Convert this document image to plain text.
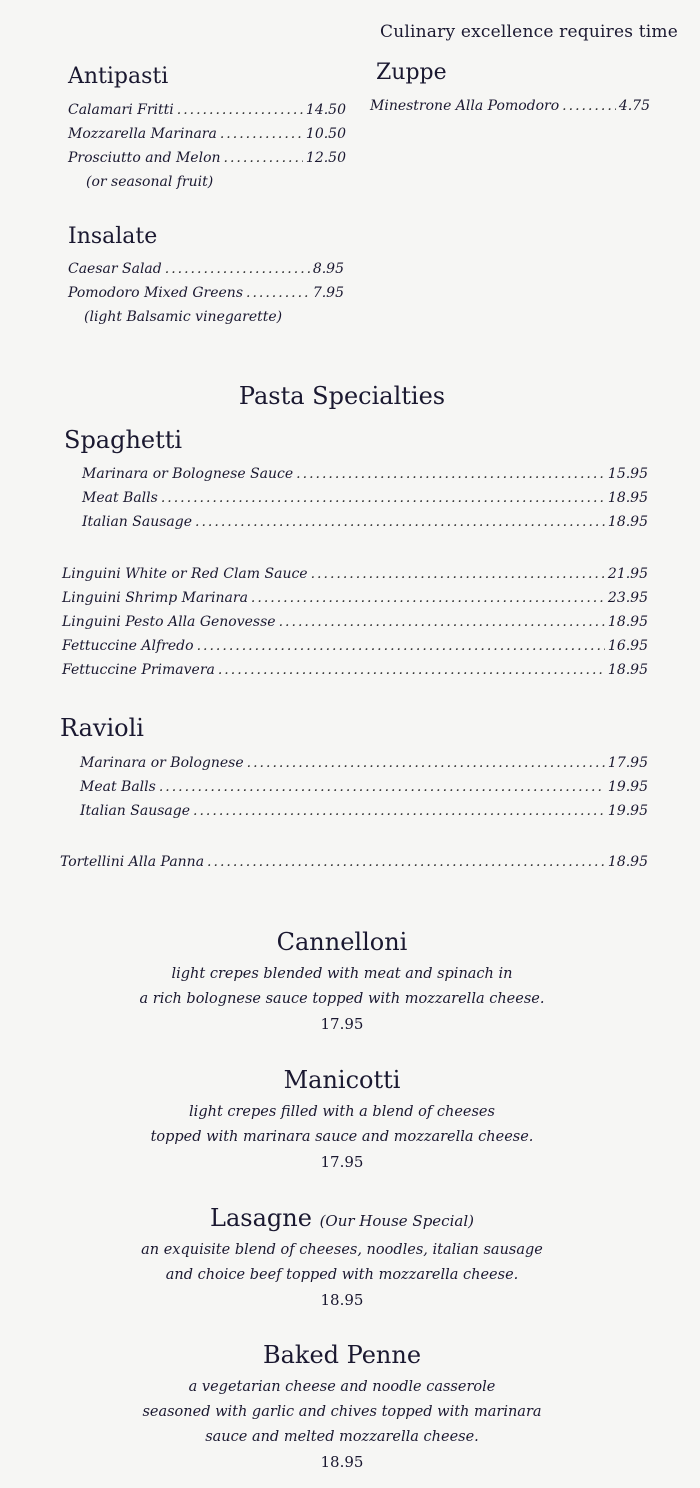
Culinary excellence requires time
Antipasti
Calamari Fritti .....	14.50
Mozzarella Marinara .....	10.50
Prosciutto and Melon .....	12.50
(or seasonal fruit)
Zuppe
Minestrone Alla Pomodoro .....	4.75
Insalate
Caesar Salad .....	8.95
Pomodoro Mixed Greens .....	7.95
(light Balsamic vinegarette)
Pasta Specialties
Spaghetti
Marinara or Bolognese Sauce .....	15.95
Meat Balls .....	18.95
Italian Sausage .....	18.95
Linguini White or Red Clam Sauce .....	21.95
Linguini Shrimp Marinara .....	23.95
Linguini Pesto Alla Genovesse .....	18.95
Fettuccine Alfredo .....	16.95
Fettuccine Primavera .....	18.95
Ravioli
Marinara or Bolognese .....	17.95
Meat Balls .....	19.95
Italian Sausage .....	19.95
Tortellini Alla Panna .....	18.95
Cannelloni
light crepes blended with meat and spinach in
a rich bolognese sauce topped with mozzarella cheese.
17.95
Manicotti
light crepes filled with a blend of cheeses
topped with marinara sauce and mozzarella cheese.
17.95
Lasagne (Our House Special)
an exquisite blend of cheeses, noodles, italian sausage
and choice beef topped with mozzarella cheese.
18.95
Baked Penne
a vegetarian cheese and noodle casserole
seasoned with garlic and chives topped with marinara
sauce and melted mozzarella cheese.
18.95
